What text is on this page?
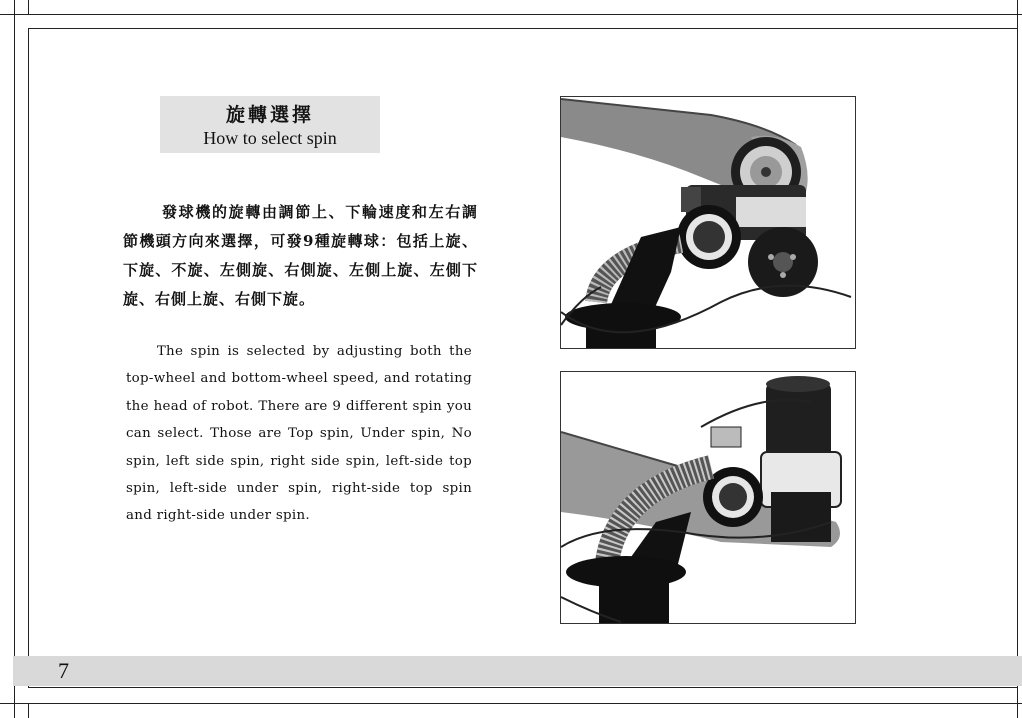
7
旋轉選擇
How to select spin
發球機的旋轉由調節上、下輪速度和左右調節機頭方向來選擇，可發9種旋轉球：包括上旋、下旋、不旋、左側旋、右側旋、左側上旋、左側下旋、右側上旋、右側下旋。
The spin is selected by adjusting both the top-wheel and bottom-wheel speed, and rotating the head of robot. There are 9 different spin you can select. Those are Top spin, Under spin, No spin, left side spin, right side spin, left-side top spin, left-side under spin, right-side top spin and right-side under spin.
